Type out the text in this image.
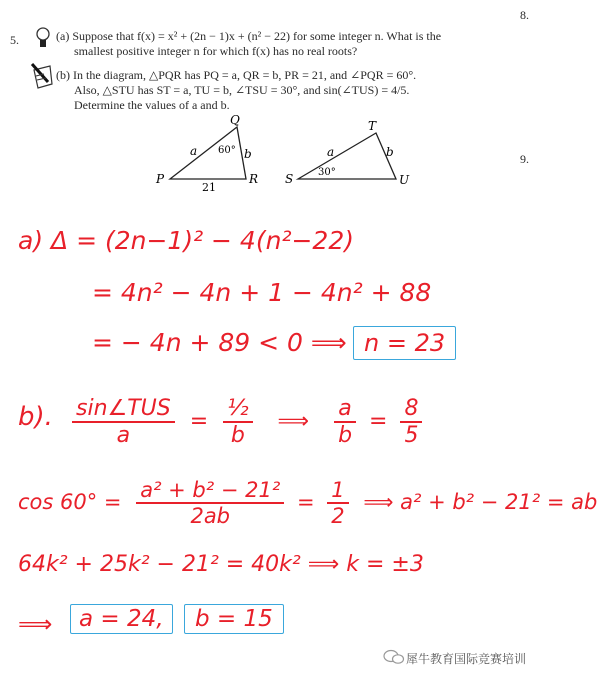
8.
9.
5.	(a) Suppose that f(x) = x² + (2n − 1)x + (n² − 22) for some integer n. What is the
smallest positive integer n for which f(x) has no real roots?
(b) In the diagram, △PQR has PQ = a, QR = b, PR = 21, and ∠PQR = 60°.
Also, △STU has ST = a, TU = b, ∠TSU = 30°, and sin(∠TUS) = 4/5.
Determine the values of a and b.
P
Q
R
a	b
60°
21
S
T
U
a	b
30°
a) Δ = (2n−1)² − 4(n²−22)
= 4n² − 4n + 1 − 4n² + 88
= − 4n + 89 < 0 ⟹ n = 23
b). $\frac{\text{sin∠TUS}}{a} = \frac{\text{½}}{b}$ ⟹ $\frac{a}{b} = \frac{8}{5}$
$\cos 60^\circ = \frac{\text{a² + b² − 21²}}{2ab} = \frac{1}{2}$ ⟹ a² + b² − 21² = ab
64k² + 25k² − 21² = 40k² ⟹ k = ±3
⟹	a = 24,	b = 15
犀牛教育国际竞赛培训
